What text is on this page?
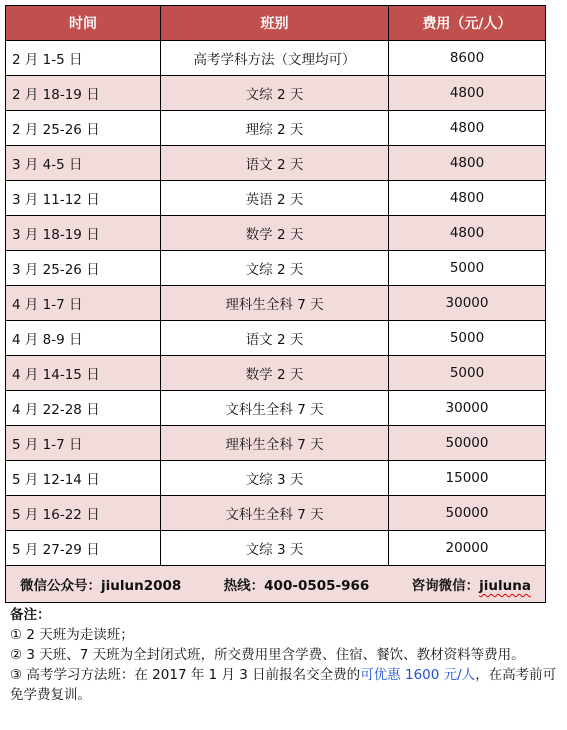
时间	班别	费用（元/人）
2 月 1-5 日	高考学科方法（文理均可）	8600
2 月 18-19 日	文综 2 天	4800
2 月 25-26 日	理综 2 天	4800
3 月 4-5 日	语文 2 天	4800
3 月 11-12 日	英语 2 天	4800
3 月 18-19 日	数学 2 天	4800
3 月 25-26 日	文综 2 天	5000
4 月 1-7 日	理科生全科 7 天	30000
4 月 8-9 日	语文 2 天	5000
4 月 14-15 日	数学 2 天	5000
4 月 22-28 日	文科生全科 7 天	30000
5 月 1-7 日	理科生全科 7 天	50000
5 月 12-14 日	文综 3 天	15000
5 月 16-22 日	文科生全科 7 天	50000
5 月 27-29 日	文综 3 天	20000

微信公众号：jiulun2008 热线：400-0505-966 咨询微信：jiuluna		
备注：
① 2 天班为走读班；
② 3 天班、7 天班为全封闭式班，所交费用里含学费、住宿、餐饮、教材资料等费用。
③ 高考学习方法班：在 2017 年 1 月 3 日前报名交全费的可优惠 1600 元/人，在高考前可免学费复训。
